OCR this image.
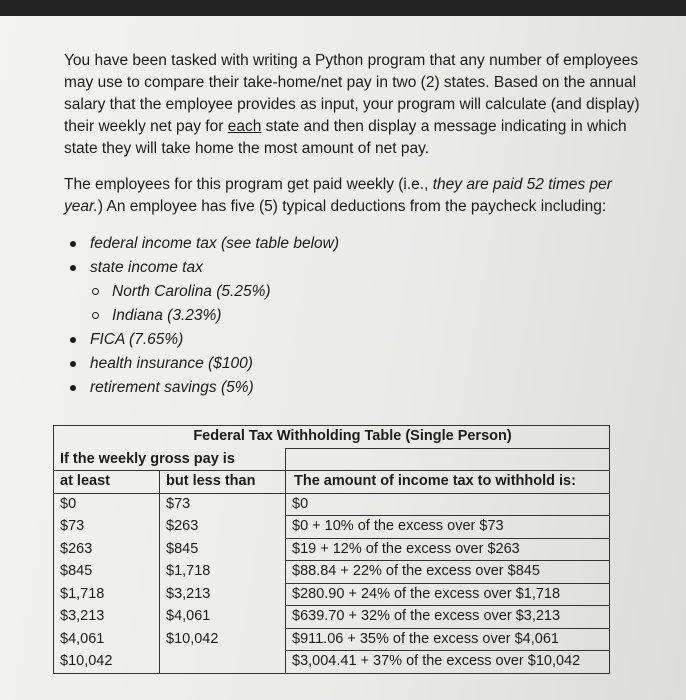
You have been tasked with writing a Python program that any number of employees may use to compare their take-home/net pay in two (2) states. Based on the annual salary that the employee provides as input, your program will calculate (and display) their weekly net pay for each state and then display a message indicating in which state they will take home the most amount of net pay.

The employees for this program get paid weekly (i.e., they are paid 52 times per year.) An employee has five (5) typical deductions from the paycheck including:

federal income tax (see table below)
state income tax
North Carolina (5.25%)
Indiana (3.23%)
FICA (7.65%)
health insurance ($100)
retirement savings (5%)
Federal Tax Withholding Table (Single Person)		
If the weekly gross pay is		
at least	but less than	The amount of income tax to withhold is:
$0	$73	$0
$73	$263	$0 + 10% of the excess over $73
$263	$845	$19 + 12% of the excess over $263
$845	$1,718	$88.84 + 22% of the excess over $845
$1,718	$3,213	$280.90 + 24% of the excess over $1,718
$3,213	$4,061	$639.70 + 32% of the excess over $3,213
$4,061	$10,042	$911.06 + 35% of the excess over $4,061
$10,042		$3,004.41 + 37% of the excess over $10,042
